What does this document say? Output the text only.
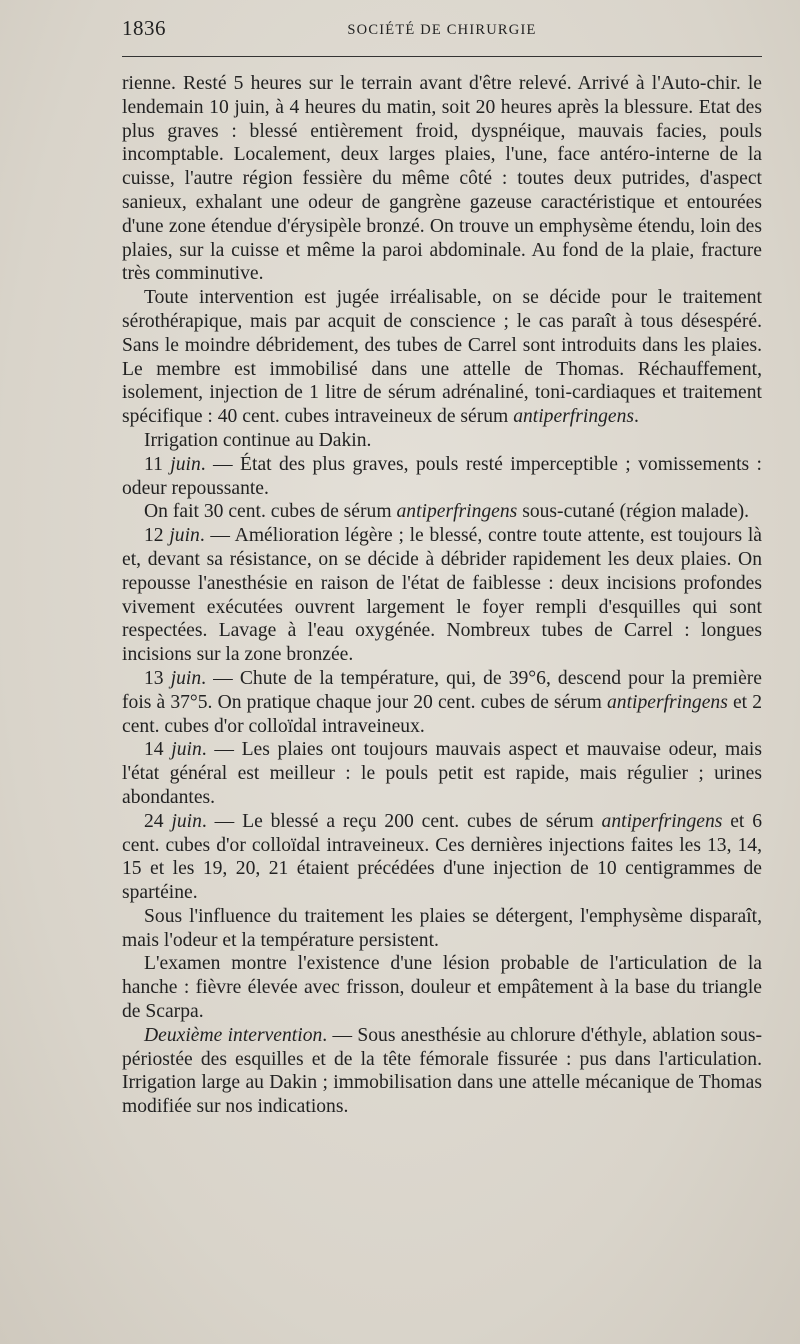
1836	SOCIÉTÉ DE CHIRURGIE

rienne. Resté 5 heures sur le terrain avant d'être relevé. Arrivé à l'Auto-chir. le lendemain 10 juin, à 4 heures du matin, soit 20 heures après la blessure. Etat des plus graves : blessé entièrement froid, dyspnéique, mauvais facies, pouls incomptable. Localement, deux larges plaies, l'une, face antéro-interne de la cuisse, l'autre région fessière du même côté : toutes deux putrides, d'aspect sanieux, exhalant une odeur de gangrène gazeuse caractéristique et entourées d'une zone étendue d'érysipèle bronzé. On trouve un emphysème étendu, loin des plaies, sur la cuisse et même la paroi abdominale. Au fond de la plaie, fracture très comminutive.

Toute intervention est jugée irréalisable, on se décide pour le traitement sérothérapique, mais par acquit de conscience ; le cas paraît à tous désespéré. Sans le moindre débridement, des tubes de Carrel sont introduits dans les plaies. Le membre est immobilisé dans une attelle de Thomas. Réchauffement, isolement, injection de 1 litre de sérum adrénaliné, toni-cardiaques et traitement spécifique : 40 cent. cubes intraveineux de sérum antiperfringens.

Irrigation continue au Dakin.

11 juin. — État des plus graves, pouls resté imperceptible ; vomissements : odeur repoussante.

On fait 30 cent. cubes de sérum antiperfringens sous-cutané (région malade).

12 juin. — Amélioration légère ; le blessé, contre toute attente, est toujours là et, devant sa résistance, on se décide à débrider rapidement les deux plaies. On repousse l'anesthésie en raison de l'état de faiblesse : deux incisions profondes vivement exécutées ouvrent largement le foyer rempli d'esquilles qui sont respectées. Lavage à l'eau oxygénée. Nombreux tubes de Carrel : longues incisions sur la zone bronzée.

13 juin. — Chute de la température, qui, de 39°6, descend pour la première fois à 37°5. On pratique chaque jour 20 cent. cubes de sérum antiperfringens et 2 cent. cubes d'or colloïdal intraveineux.

14 juin. — Les plaies ont toujours mauvais aspect et mauvaise odeur, mais l'état général est meilleur : le pouls petit est rapide, mais régulier ; urines abondantes.

24 juin. — Le blessé a reçu 200 cent. cubes de sérum antiperfringens et 6 cent. cubes d'or colloïdal intraveineux. Ces dernières injections faites les 13, 14, 15 et les 19, 20, 21 étaient précédées d'une injection de 10 centigrammes de spartéine.

Sous l'influence du traitement les plaies se détergent, l'emphysème disparaît, mais l'odeur et la température persistent.

L'examen montre l'existence d'une lésion probable de l'articulation de la hanche : fièvre élevée avec frisson, douleur et empâtement à la base du triangle de Scarpa.

Deuxième intervention. — Sous anesthésie au chlorure d'éthyle, ablation sous-périostée des esquilles et de la tête fémorale fissurée : pus dans l'articulation. Irrigation large au Dakin ; immobilisation dans une attelle mécanique de Thomas modifiée sur nos indications.
